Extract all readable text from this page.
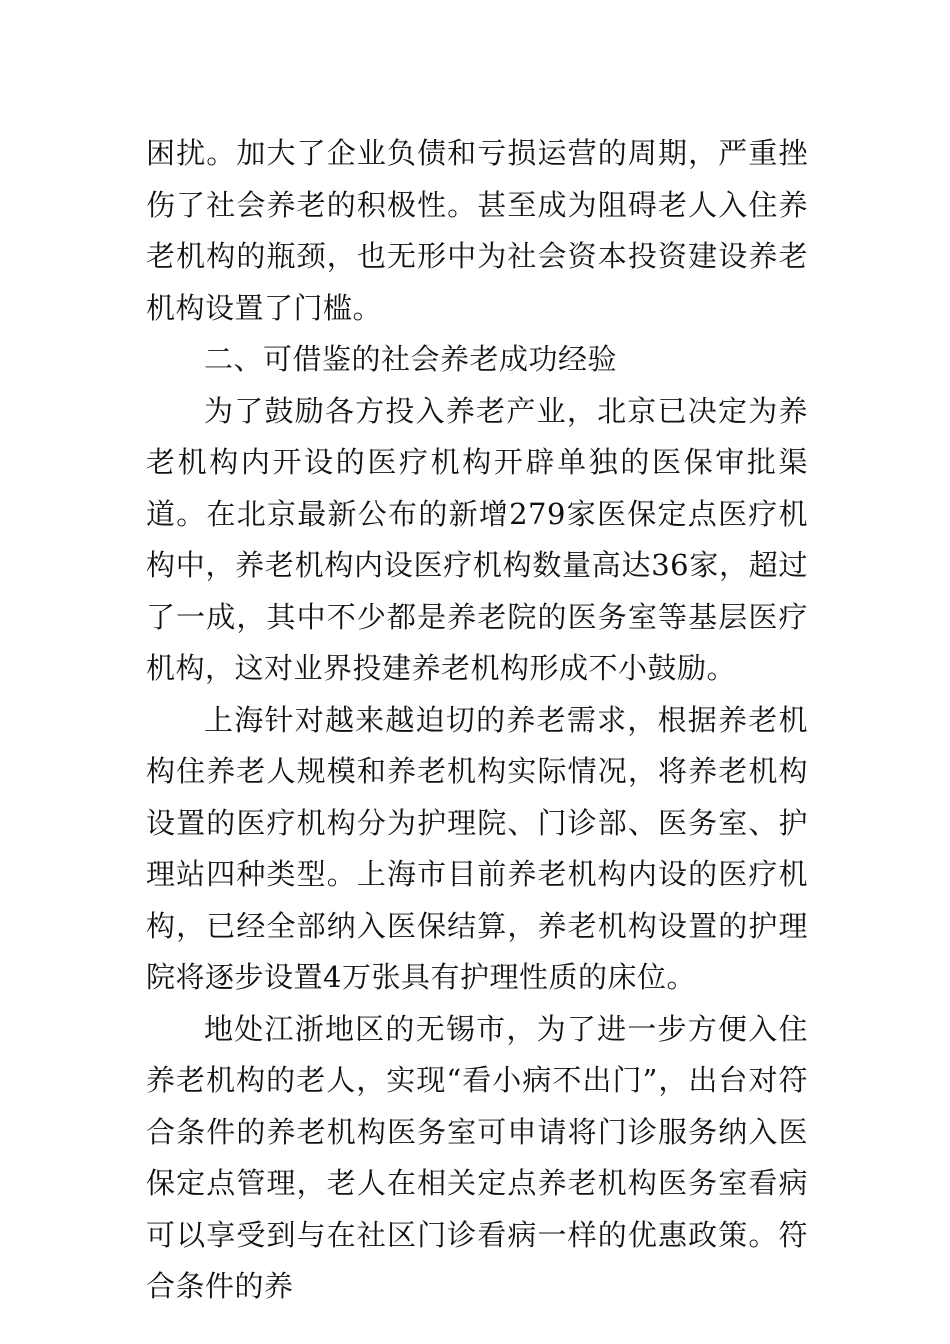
困扰。加大了企业负债和亏损运营的周期，严重挫伤了社会养老的积极性。甚至成为阻碍老人入住养老机构的瓶颈，也无形中为社会资本投资建设养老机构设置了门槛。

二、可借鉴的社会养老成功经验

为了鼓励各方投入养老产业，北京已决定为养老机构内开设的医疗机构开辟单独的医保审批渠道。在北京最新公布的新增279家医保定点医疗机构中，养老机构内设医疗机构数量高达36家，超过了一成，其中不少都是养老院的医务室等基层医疗机构，这对业界投建养老机构形成不小鼓励。

上海针对越来越迫切的养老需求，根据养老机构住养老人规模和养老机构实际情况，将养老机构设置的医疗机构分为护理院、门诊部、医务室、护理站四种类型。上海市目前养老机构内设的医疗机构，已经全部纳入医保结算，养老机构设置的护理院将逐步设置4万张具有护理性质的床位。

地处江浙地区的无锡市，为了进一步方便入住养老机构的老人，实现“看小病不出门”，出台对符合条件的养老机构医务室可申请将门诊服务纳入医保定点管理，老人在相关定点养老机构医务室看病可以享受到与在社区门诊看病一样的优惠政策。符合条件的养
